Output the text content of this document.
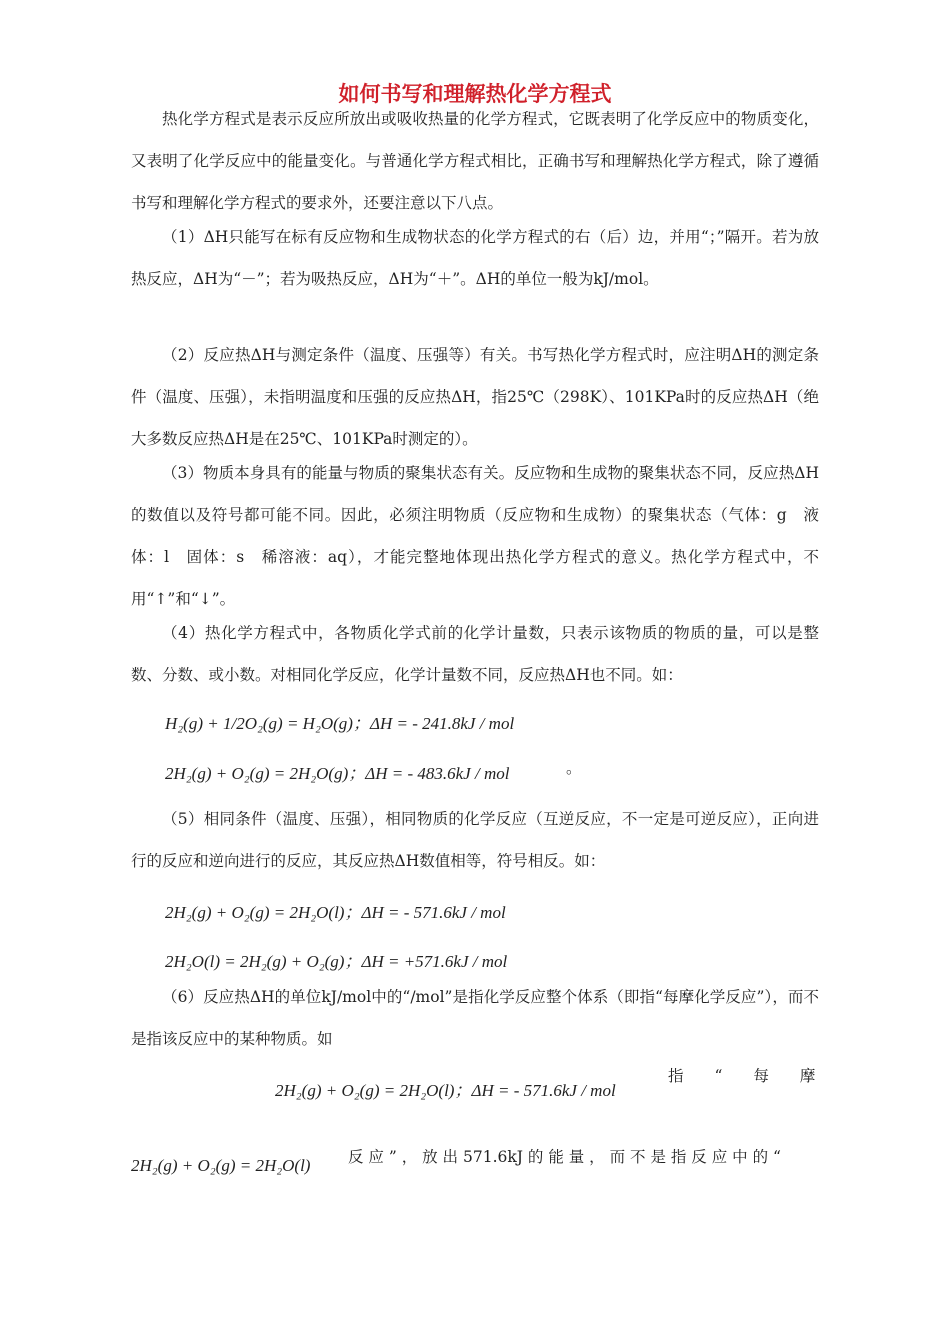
如何书写和理解热化学方程式
热化学方程式是表示反应所放出或吸收热量的化学方程式，它既表明了化学反应中的物质变化，又表明了化学反应中的能量变化。与普通化学方程式相比，正确书写和理解热化学方程式，除了遵循书写和理解化学方程式的要求外，还要注意以下八点。
（1）ΔH只能写在标有反应物和生成物状态的化学方程式的右（后）边，并用“；”隔开。若为放热反应，ΔH为“－”；若为吸热反应，ΔH为“＋”。ΔH的单位一般为kJ/mol。
（2）反应热ΔH与测定条件（温度、压强等）有关。书写热化学方程式时，应注明ΔH的测定条件（温度、压强），未指明温度和压强的反应热ΔH，指25℃（298K）、101KPa时的反应热ΔH（绝大多数反应热ΔH是在25℃、101KPa时测定的）。
（3）物质本身具有的能量与物质的聚集状态有关。反应物和生成物的聚集状态不同，反应热ΔH的数值以及符号都可能不同。因此，必须注明物质（反应物和生成物）的聚集状态（气体：g　液体：l　固体：s　稀溶液：aq），才能完整地体现出热化学方程式的意义。热化学方程式中，不用“↑”和“↓”。
（4）热化学方程式中，各物质化学式前的化学计量数，只表示该物质的物质的量，可以是整数、分数、或小数。对相同化学反应，化学计量数不同，反应热ΔH也不同。如：
H₂(g) + 1/2O₂(g) = H₂O(g)；ΔH = - 241.8kJ / mol
2H₂(g) + O₂(g) = 2H₂O(g)；ΔH = - 483.6kJ / mol	。
（5）相同条件（温度、压强），相同物质的化学反应（互逆反应，不一定是可逆反应），正向进行的反应和逆向进行的反应，其反应热ΔH数值相等，符号相反。如：
2H₂(g) + O₂(g) = 2H₂O(l)；ΔH = - 571.6kJ / mol
2H₂O(l) = 2H₂(g) + O₂(g)；ΔH = +571.6kJ / mol
（6）反应热ΔH的单位kJ/mol中的“/mol”是指化学反应整个体系（即指“每摩化学反应”），而不是指该反应中的某种物质。如
2H₂(g) + O₂(g) = 2H₂O(l)；ΔH = - 571.6kJ / mol
指　　“　　每　　摩
2H₂(g) + O₂(g) = 2H₂O(l) 反 应 ” ， 放 出 571.6kJ 的 能 量 ， 而 不 是 指 反 应 中 的 “
